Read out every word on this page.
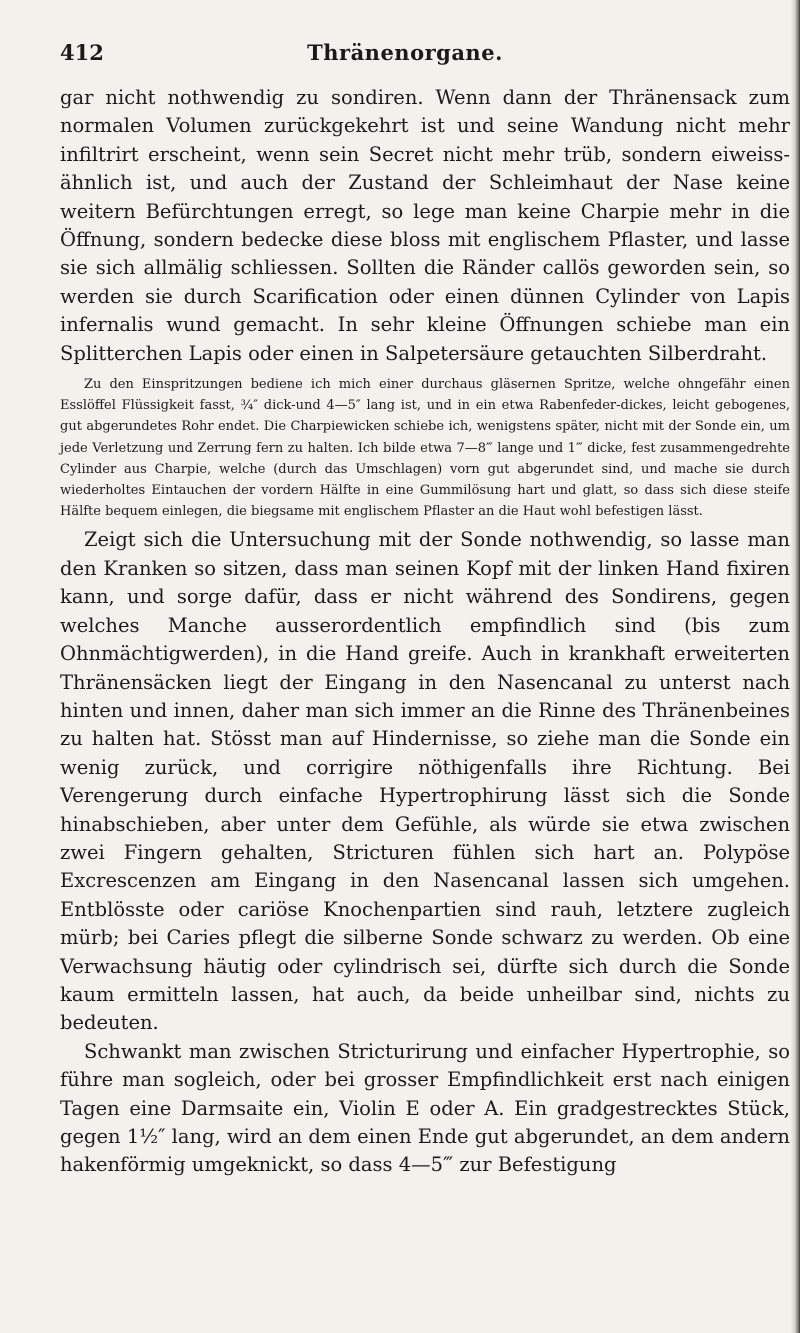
412	Thränenorgane.

gar nicht nothwendig zu sondiren. Wenn dann der Thränensack zum normalen Volumen zurückgekehrt ist und seine Wandung nicht mehr infiltrirt erscheint, wenn sein Secret nicht mehr trüb, sondern eiweiss-ähnlich ist, und auch der Zustand der Schleimhaut der Nase keine weitern Befürchtungen erregt, so lege man keine Charpie mehr in die Öffnung, sondern bedecke diese bloss mit englischem Pflaster, und lasse sie sich allmälig schliessen. Sollten die Ränder callös geworden sein, so werden sie durch Scarification oder einen dünnen Cylinder von Lapis infernalis wund gemacht. In sehr kleine Öffnungen schiebe man ein Splitterchen Lapis oder einen in Salpetersäure getauchten Silberdraht.

Zu den Einspritzungen bediene ich mich einer durchaus gläsernen Spritze, welche ohngefähr einen Esslöffel Flüssigkeit fasst, ¾″ dick-und 4—5″ lang ist, und in ein etwa Rabenfeder-dickes, leicht gebogenes, gut abgerundetes Rohr endet. Die Charpiewicken schiebe ich, wenigstens später, nicht mit der Sonde ein, um jede Verletzung und Zerrung fern zu halten. Ich bilde etwa 7—8‴ lange und 1‴ dicke, fest zusammengedrehte Cylinder aus Charpie, welche (durch das Umschlagen) vorn gut abgerundet sind, und mache sie durch wiederholtes Eintauchen der vordern Hälfte in eine Gummilösung hart und glatt, so dass sich diese steife Hälfte bequem einlegen, die biegsame mit englischem Pflaster an die Haut wohl befestigen lässt.

Zeigt sich die Untersuchung mit der Sonde nothwendig, so lasse man den Kranken so sitzen, dass man seinen Kopf mit der linken Hand fixiren kann, und sorge dafür, dass er nicht während des Sondirens, gegen welches Manche ausserordentlich empfindlich sind (bis zum Ohnmächtigwerden), in die Hand greife. Auch in krankhaft erweiterten Thränensäcken liegt der Eingang in den Nasencanal zu unterst nach hinten und innen, daher man sich immer an die Rinne des Thränenbeines zu halten hat. Stösst man auf Hindernisse, so ziehe man die Sonde ein wenig zurück, und corrigire nöthigenfalls ihre Richtung. Bei Verengerung durch einfache Hypertrophirung lässt sich die Sonde hinabschieben, aber unter dem Gefühle, als würde sie etwa zwischen zwei Fingern gehalten, Stricturen fühlen sich hart an. Polypöse Excrescenzen am Eingang in den Nasencanal lassen sich umgehen. Entblösste oder cariöse Knochenpartien sind rauh, letztere zugleich mürb; bei Caries pflegt die silberne Sonde schwarz zu werden. Ob eine Verwachsung häutig oder cylindrisch sei, dürfte sich durch die Sonde kaum ermitteln lassen, hat auch, da beide unheilbar sind, nichts zu bedeuten.

Schwankt man zwischen Stricturirung und einfacher Hypertrophie, so führe man sogleich, oder bei grosser Empfindlichkeit erst nach einigen Tagen eine Darmsaite ein, Violin E oder A. Ein gradgestrecktes Stück, gegen 1½″ lang, wird an dem einen Ende gut abgerundet, an dem andern hakenförmig umgeknickt, so dass 4—5‴ zur Befestigung
